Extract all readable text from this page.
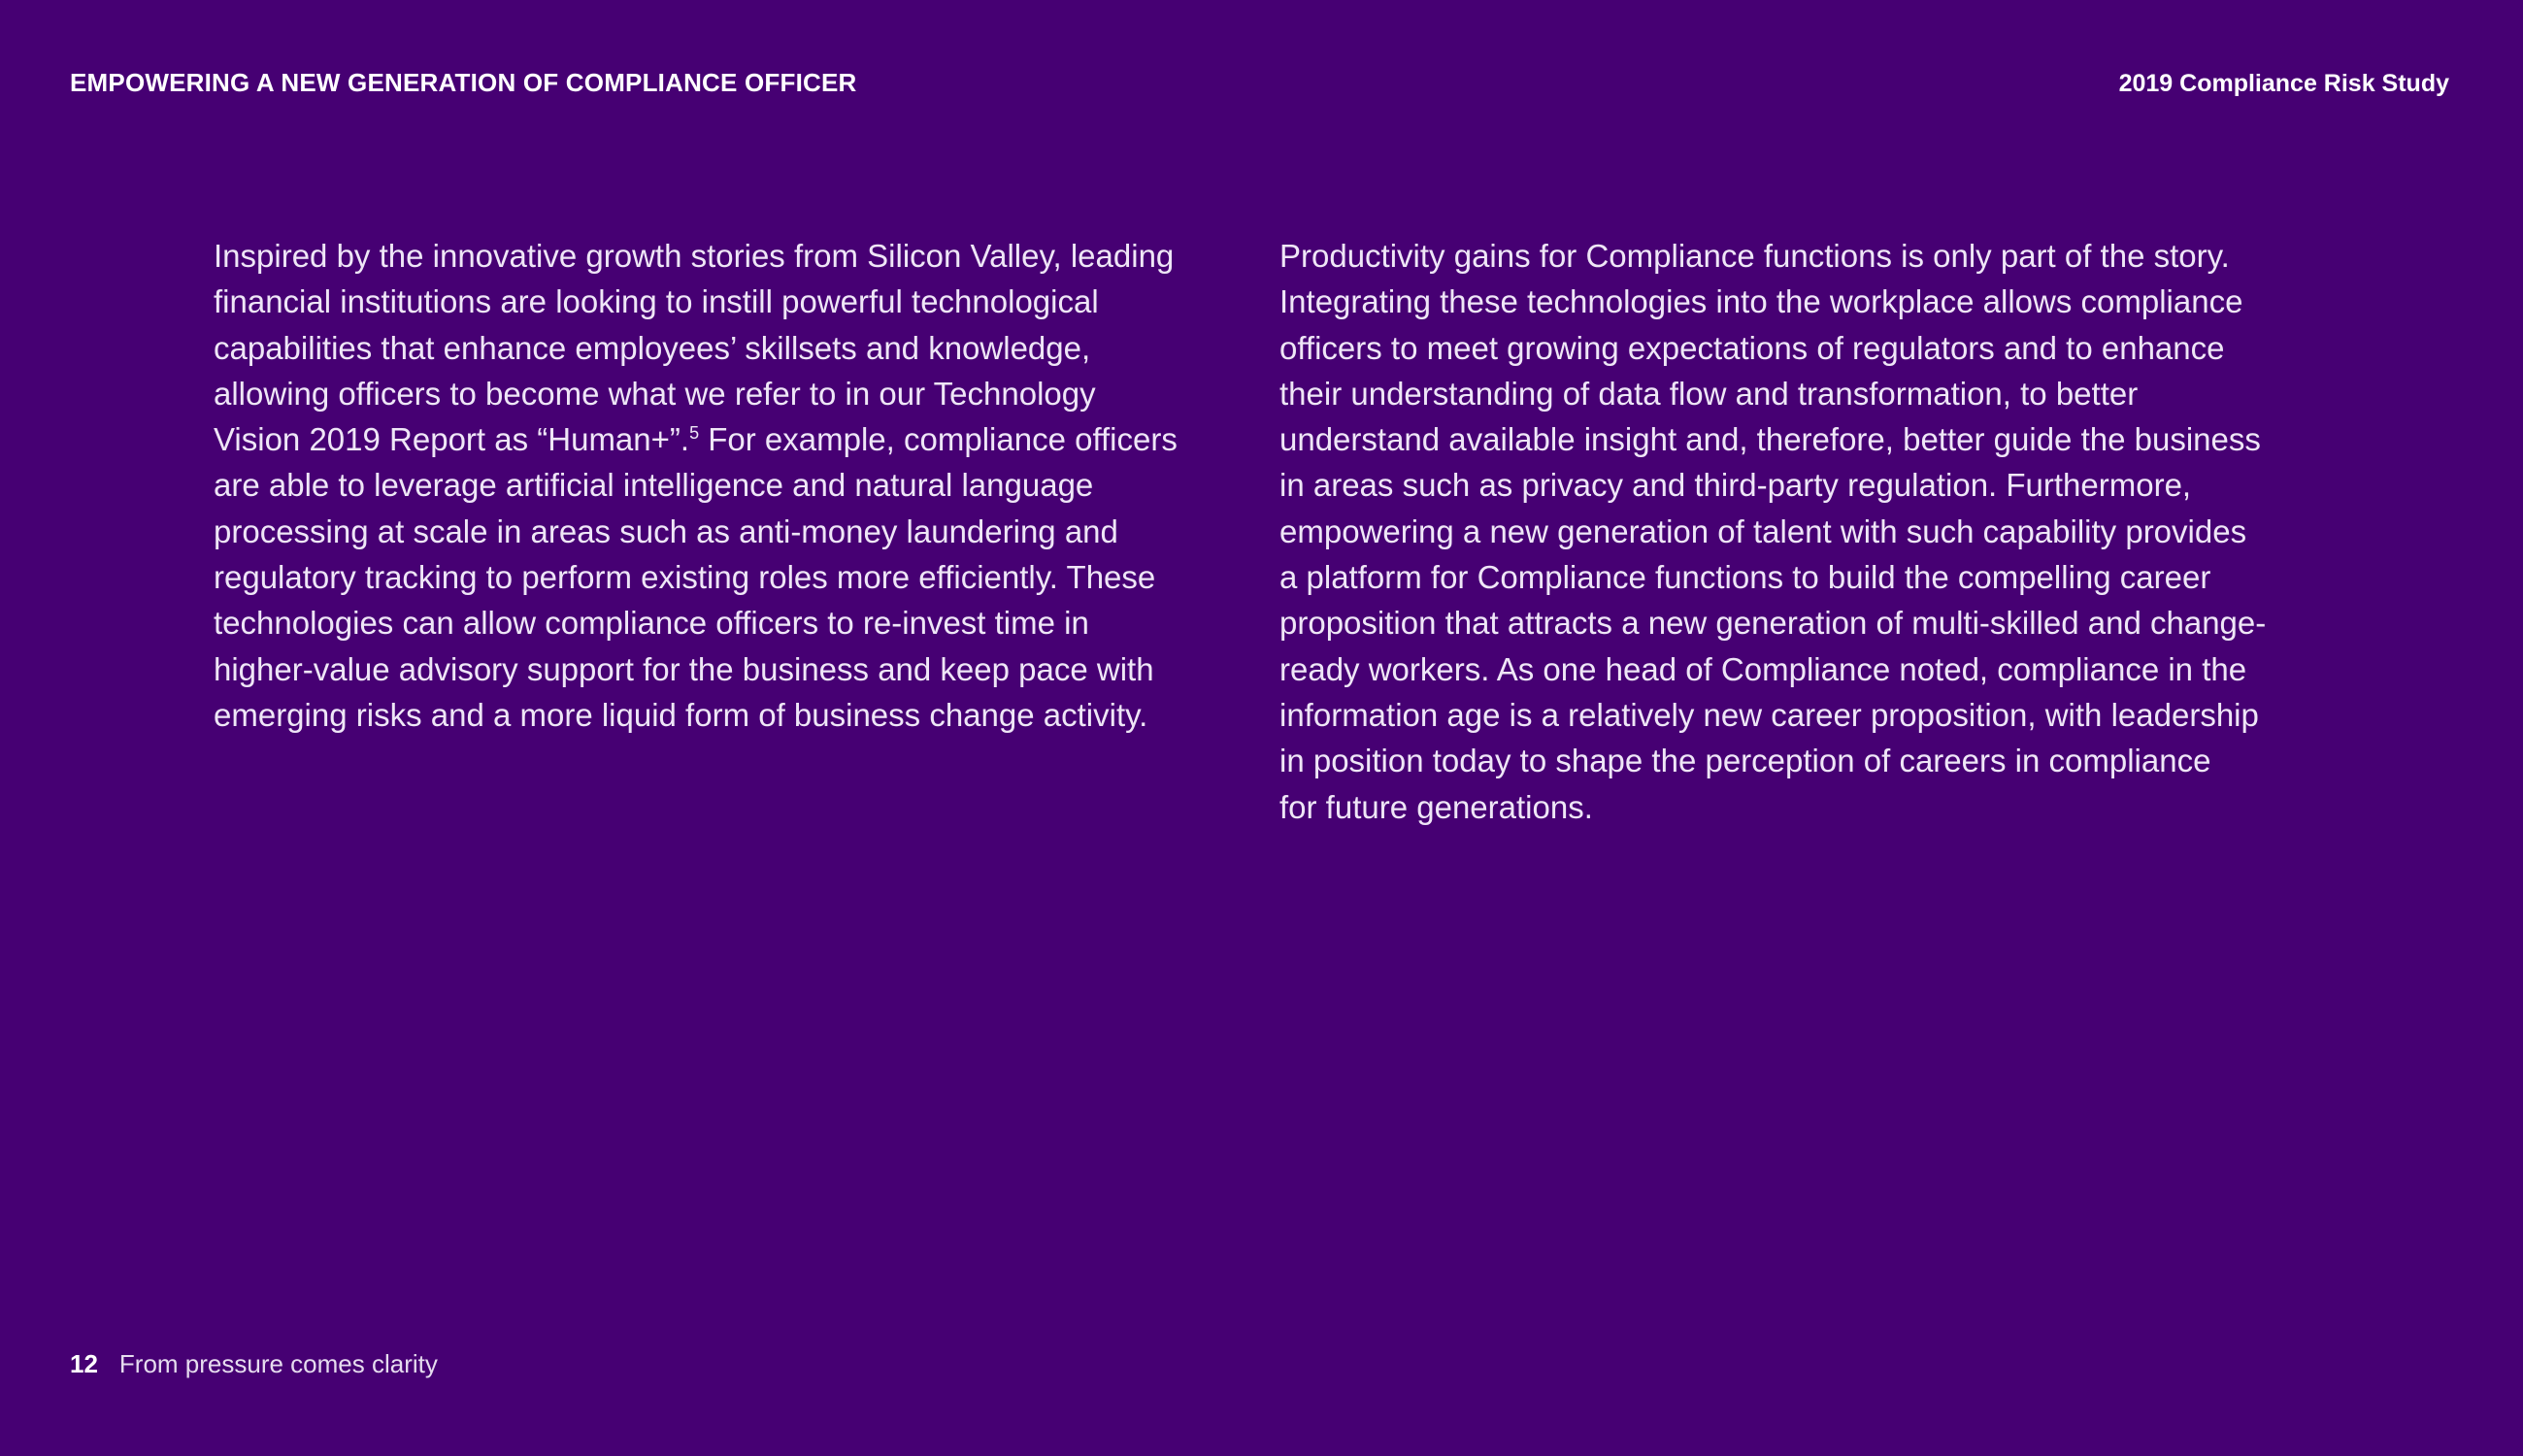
EMPOWERING A NEW GENERATION OF COMPLIANCE OFFICER	2019 Compliance Risk Study
Inspired by the innovative growth stories from Silicon Valley, leading
financial institutions are looking to instill powerful technological
capabilities that enhance employees’ skillsets and knowledge,
allowing officers to become what we refer to in our Technology
Vision 2019 Report as “Human+”.$^5$ For example, compliance officers
are able to leverage artificial intelligence and natural language
processing at scale in areas such as anti-money laundering and
regulatory tracking to perform existing roles more efficiently. These
technologies can allow compliance officers to re-invest time in
higher-value advisory support for the business and keep pace with
emerging risks and a more liquid form of business change activity.
Productivity gains for Compliance functions is only part of the story.
Integrating these technologies into the workplace allows compliance
officers to meet growing expectations of regulators and to enhance
their understanding of data flow and transformation, to better
understand available insight and, therefore, better guide the business
in areas such as privacy and third-party regulation. Furthermore,
empowering a new generation of talent with such capability provides
a platform for Compliance functions to build the compelling career
proposition that attracts a new generation of multi-skilled and change-
ready workers. As one head of Compliance noted, compliance in the
information age is a relatively new career proposition, with leadership
in position today to shape the perception of careers in compliance
for future generations.
12 From pressure comes clarity
